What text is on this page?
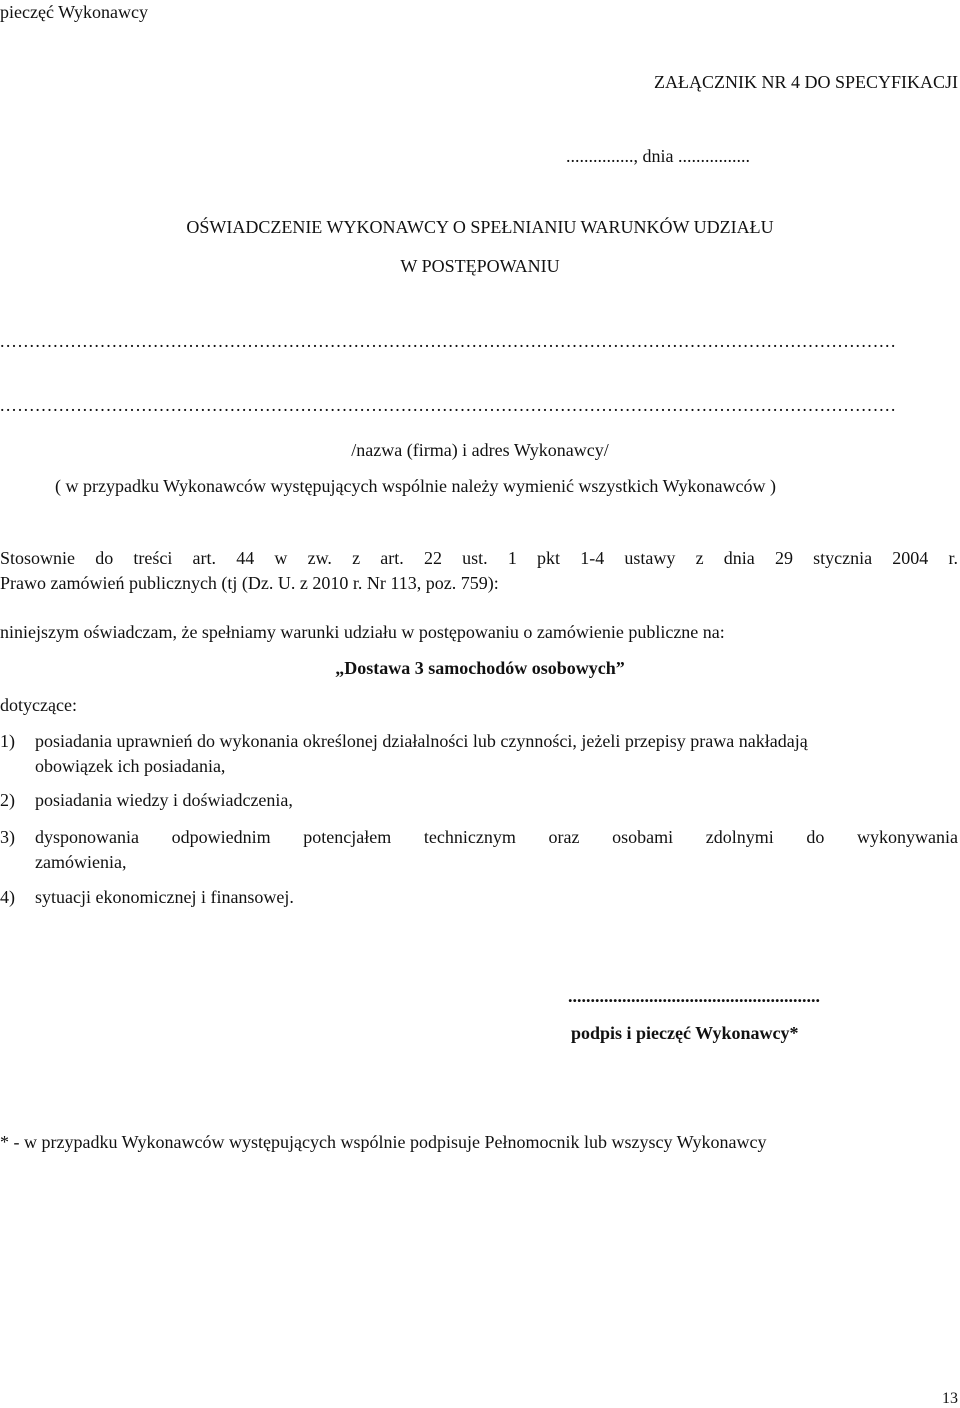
pieczęć Wykonawcy
ZAŁĄCZNIK NR 4 DO SPECYFIKACJI
..............., dnia ................
OŚWIADCZENIE WYKONAWCY O SPEŁNIANIU WARUNKÓW UDZIAŁU
W POSTĘPOWANIU
........................................................................................................................................................
........................................................................................................................................................
/nazwa (firma) i adres Wykonawcy/
( w przypadku Wykonawców występujących wspólnie należy wymienić wszystkich Wykonawców )
Stosownie do treści art. 44 w zw. z art. 22 ust. 1 pkt 1-4 ustawy z dnia 29 stycznia 2004 r.
Prawo zamówień publicznych (tj (Dz. U. z 2010 r. Nr 113, poz. 759):
niniejszym oświadczam, że spełniamy warunki udziału w postępowaniu o zamówienie publiczne na:
„Dostawa 3 samochodów osobowych”
dotyczące:
1) posiadania uprawnień do wykonania określonej działalności lub czynności, jeżeli przepisy prawa nakładają
obowiązek ich posiadania,
2) posiadania wiedzy i doświadczenia,
3) dysponowania odpowiednim potencjałem technicznym oraz osobami zdolnymi do wykonywania
zamówienia,
4) sytuacji ekonomicznej i finansowej.
........................................................
podpis i pieczęć Wykonawcy*
* - w przypadku Wykonawców występujących wspólnie podpisuje Pełnomocnik lub wszyscy Wykonawcy
13
